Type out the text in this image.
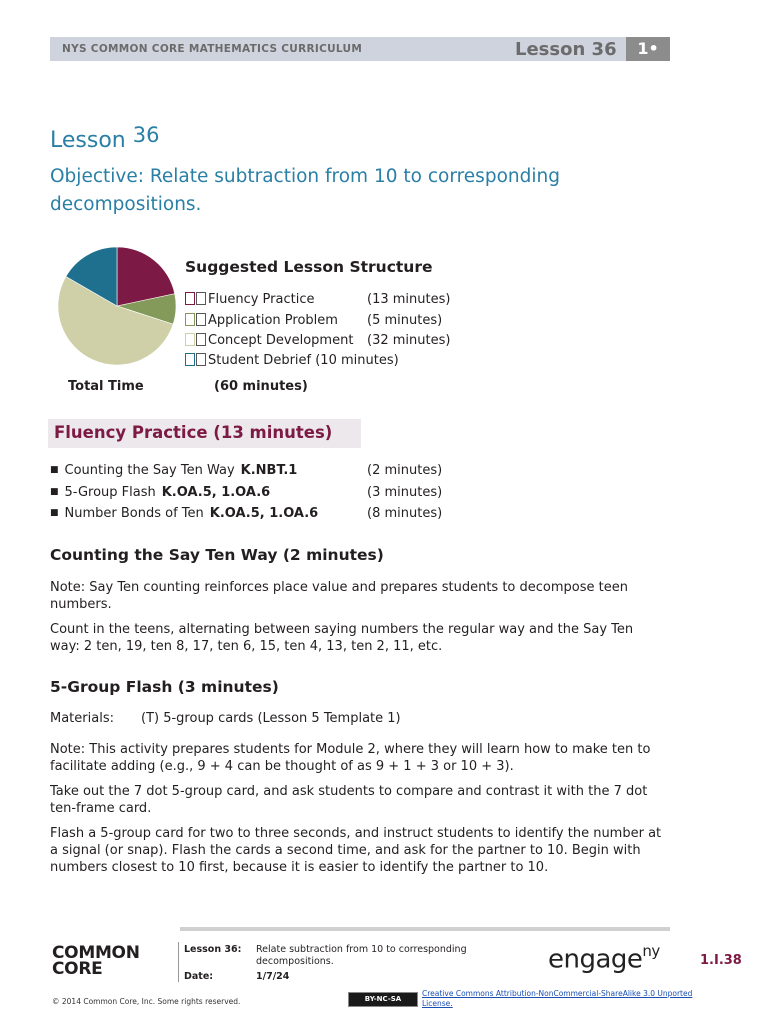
NYS COMMON CORE MATHEMATICS CURRICULUM	Lesson 36	1•
Lesson 36
Objective: Relate subtraction from 10 to corresponding decompositions.
Suggested Lesson Structure
Fluency Practice	(13 minutes)
Application Problem (5 minutes)
Concept Development (32 minutes)
Student Debrief (10 minutes)
Total Time	(60 minutes)
Fluency Practice (13 minutes)
■ Counting the Say Ten Way K.NBT.1	(2 minutes)
■ 5-Group Flash K.OA.5, 1.OA.6	(3 minutes)
■ Number Bonds of Ten K.OA.5, 1.OA.6	(8 minutes)
Counting the Say Ten Way (2 minutes)
Note: Say Ten counting reinforces place value and prepares students to decompose teen numbers.
Count in the teens, alternating between saying numbers the regular way and the Say Ten way: 2 ten, 19, ten 8, 17, ten 6, 15, ten 4, 13, ten 2, 11, etc.
5-Group Flash (3 minutes)
Materials: (T) 5-group cards (Lesson 5 Template 1)
Note: This activity prepares students for Module 2, where they will learn how to make ten to facilitate adding (e.g., 9 + 4 can be thought of as 9 + 1 + 3 or 10 + 3).
Take out the 7 dot 5-group card, and ask students to compare and contrast it with the 7 dot ten-frame card.
Flash a 5-group card for two to three seconds, and instruct students to identify the number at a signal (or snap). Flash the cards a second time, and ask for the partner to 10. Begin with numbers closest to 10 first, because it is easier to identify the partner to 10.
COMMON
CORE
© 2014 Common Core, Inc. Some rights reserved.
Lesson 36: Relate subtraction from 10 to corresponding decompositions.
Date:	1/7/24
engage$^{ny}$
1.I.38
BY-NC-SA
Creative Commons Attribution-NonCommercial-ShareAlike 3.0 Unported License.
